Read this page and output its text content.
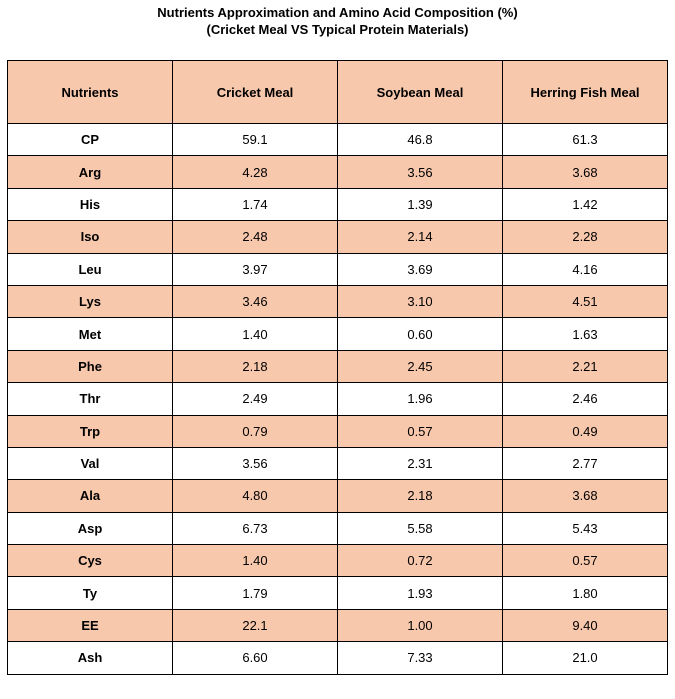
Nutrients Approximation and Amino Acid Composition (%)
(Cricket Meal VS Typical Protein Materials)
Nutrients	Cricket Meal	Soybean Meal	Herring Fish Meal
CP	59.1	46.8	61.3
Arg	4.28	3.56	3.68
His	1.74	1.39	1.42
Iso	2.48	2.14	2.28
Leu	3.97	3.69	4.16
Lys	3.46	3.10	4.51
Met	1.40	0.60	1.63
Phe	2.18	2.45	2.21
Thr	2.49	1.96	2.46
Trp	0.79	0.57	0.49
Val	3.56	2.31	2.77
Ala	4.80	2.18	3.68
Asp	6.73	5.58	5.43
Cys	1.40	0.72	0.57
Ty	1.79	1.93	1.80
EE	22.1	1.00	9.40
Ash	6.60	7.33	21.0
